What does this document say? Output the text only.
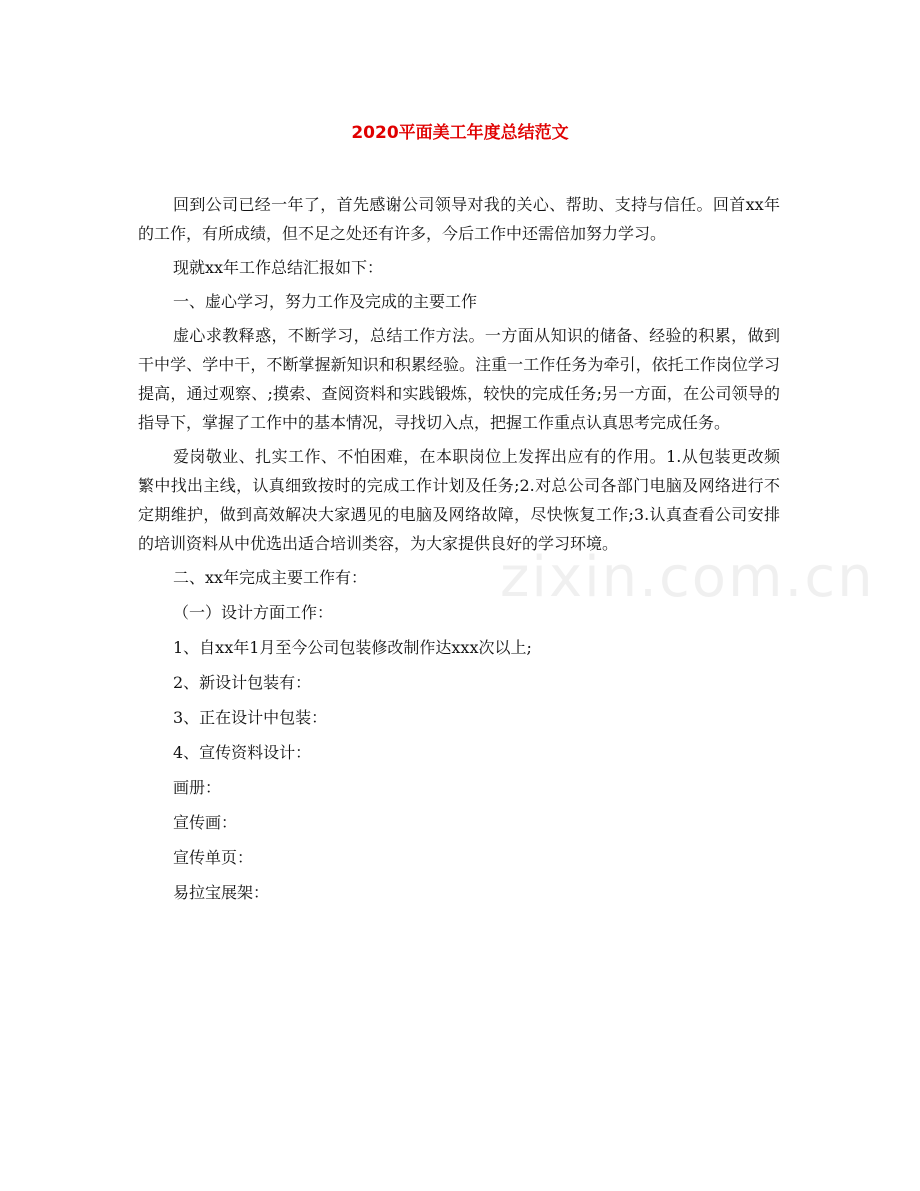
2020平面美工年度总结范文
zixin.com.cn

回到公司已经一年了，首先感谢公司领导对我的关心、帮助、支持与信任。回首xx年的工作，有所成绩，但不足之处还有许多，今后工作中还需倍加努力学习。

现就xx年工作总结汇报如下：

一、虚心学习，努力工作及完成的主要工作

虚心求教释惑，不断学习，总结工作方法。一方面从知识的储备、经验的积累，做到干中学、学中干，不断掌握新知识和积累经验。注重一工作任务为牵引，依托工作岗位学习提高，通过观察、;摸索、查阅资料和实践锻炼，较快的完成任务;另一方面，在公司领导的指导下，掌握了工作中的基本情况，寻找切入点，把握工作重点认真思考完成任务。

爱岗敬业、扎实工作、不怕困难，在本职岗位上发挥出应有的作用。1.从包装更改频繁中找出主线，认真细致按时的完成工作计划及任务;2.对总公司各部门电脑及网络进行不定期维护，做到高效解决大家遇见的电脑及网络故障，尽快恢复工作;3.认真查看公司安排的培训资料从中优选出适合培训类容，为大家提供良好的学习环境。

二、xx年完成主要工作有：

（一）设计方面工作：

1、自xx年1月至今公司包装修改制作达xxx次以上;

2、新设计包装有：

3、正在设计中包装：

4、宣传资料设计：

画册：

宣传画：

宣传单页：

易拉宝展架：
